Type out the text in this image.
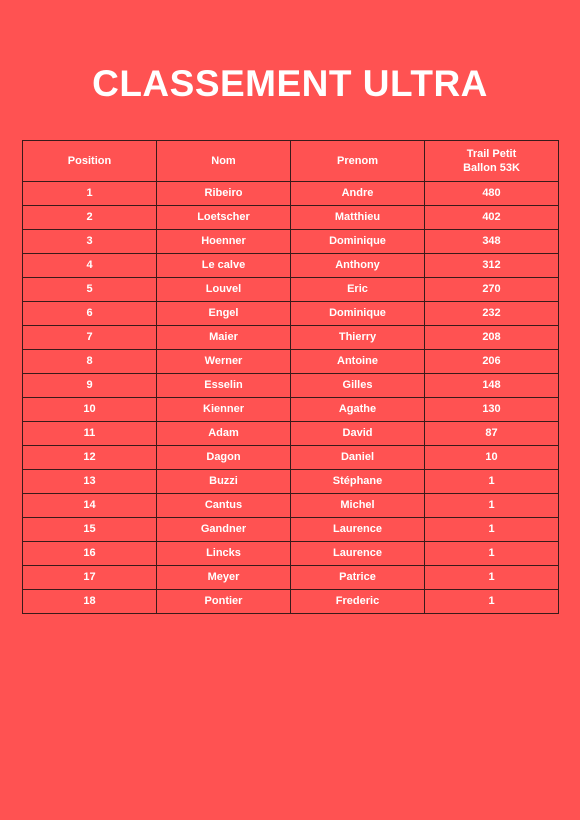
CLASSEMENT ULTRA
Position	Nom	Prenom	Trail Petit Ballon 53K
1	Ribeiro	Andre	480
2	Loetscher	Matthieu	402
3	Hoenner	Dominique	348
4	Le calve	Anthony	312
5	Louvel	Eric	270
6	Engel	Dominique	232
7	Maier	Thierry	208
8	Werner	Antoine	206
9	Esselin	Gilles	148
10	Kienner	Agathe	130
11	Adam	David	87
12	Dagon	Daniel	10
13	Buzzi	Stéphane	1
14	Cantus	Michel	1
15	Gandner	Laurence	1
16	Lincks	Laurence	1
17	Meyer	Patrice	1
18	Pontier	Frederic	1
